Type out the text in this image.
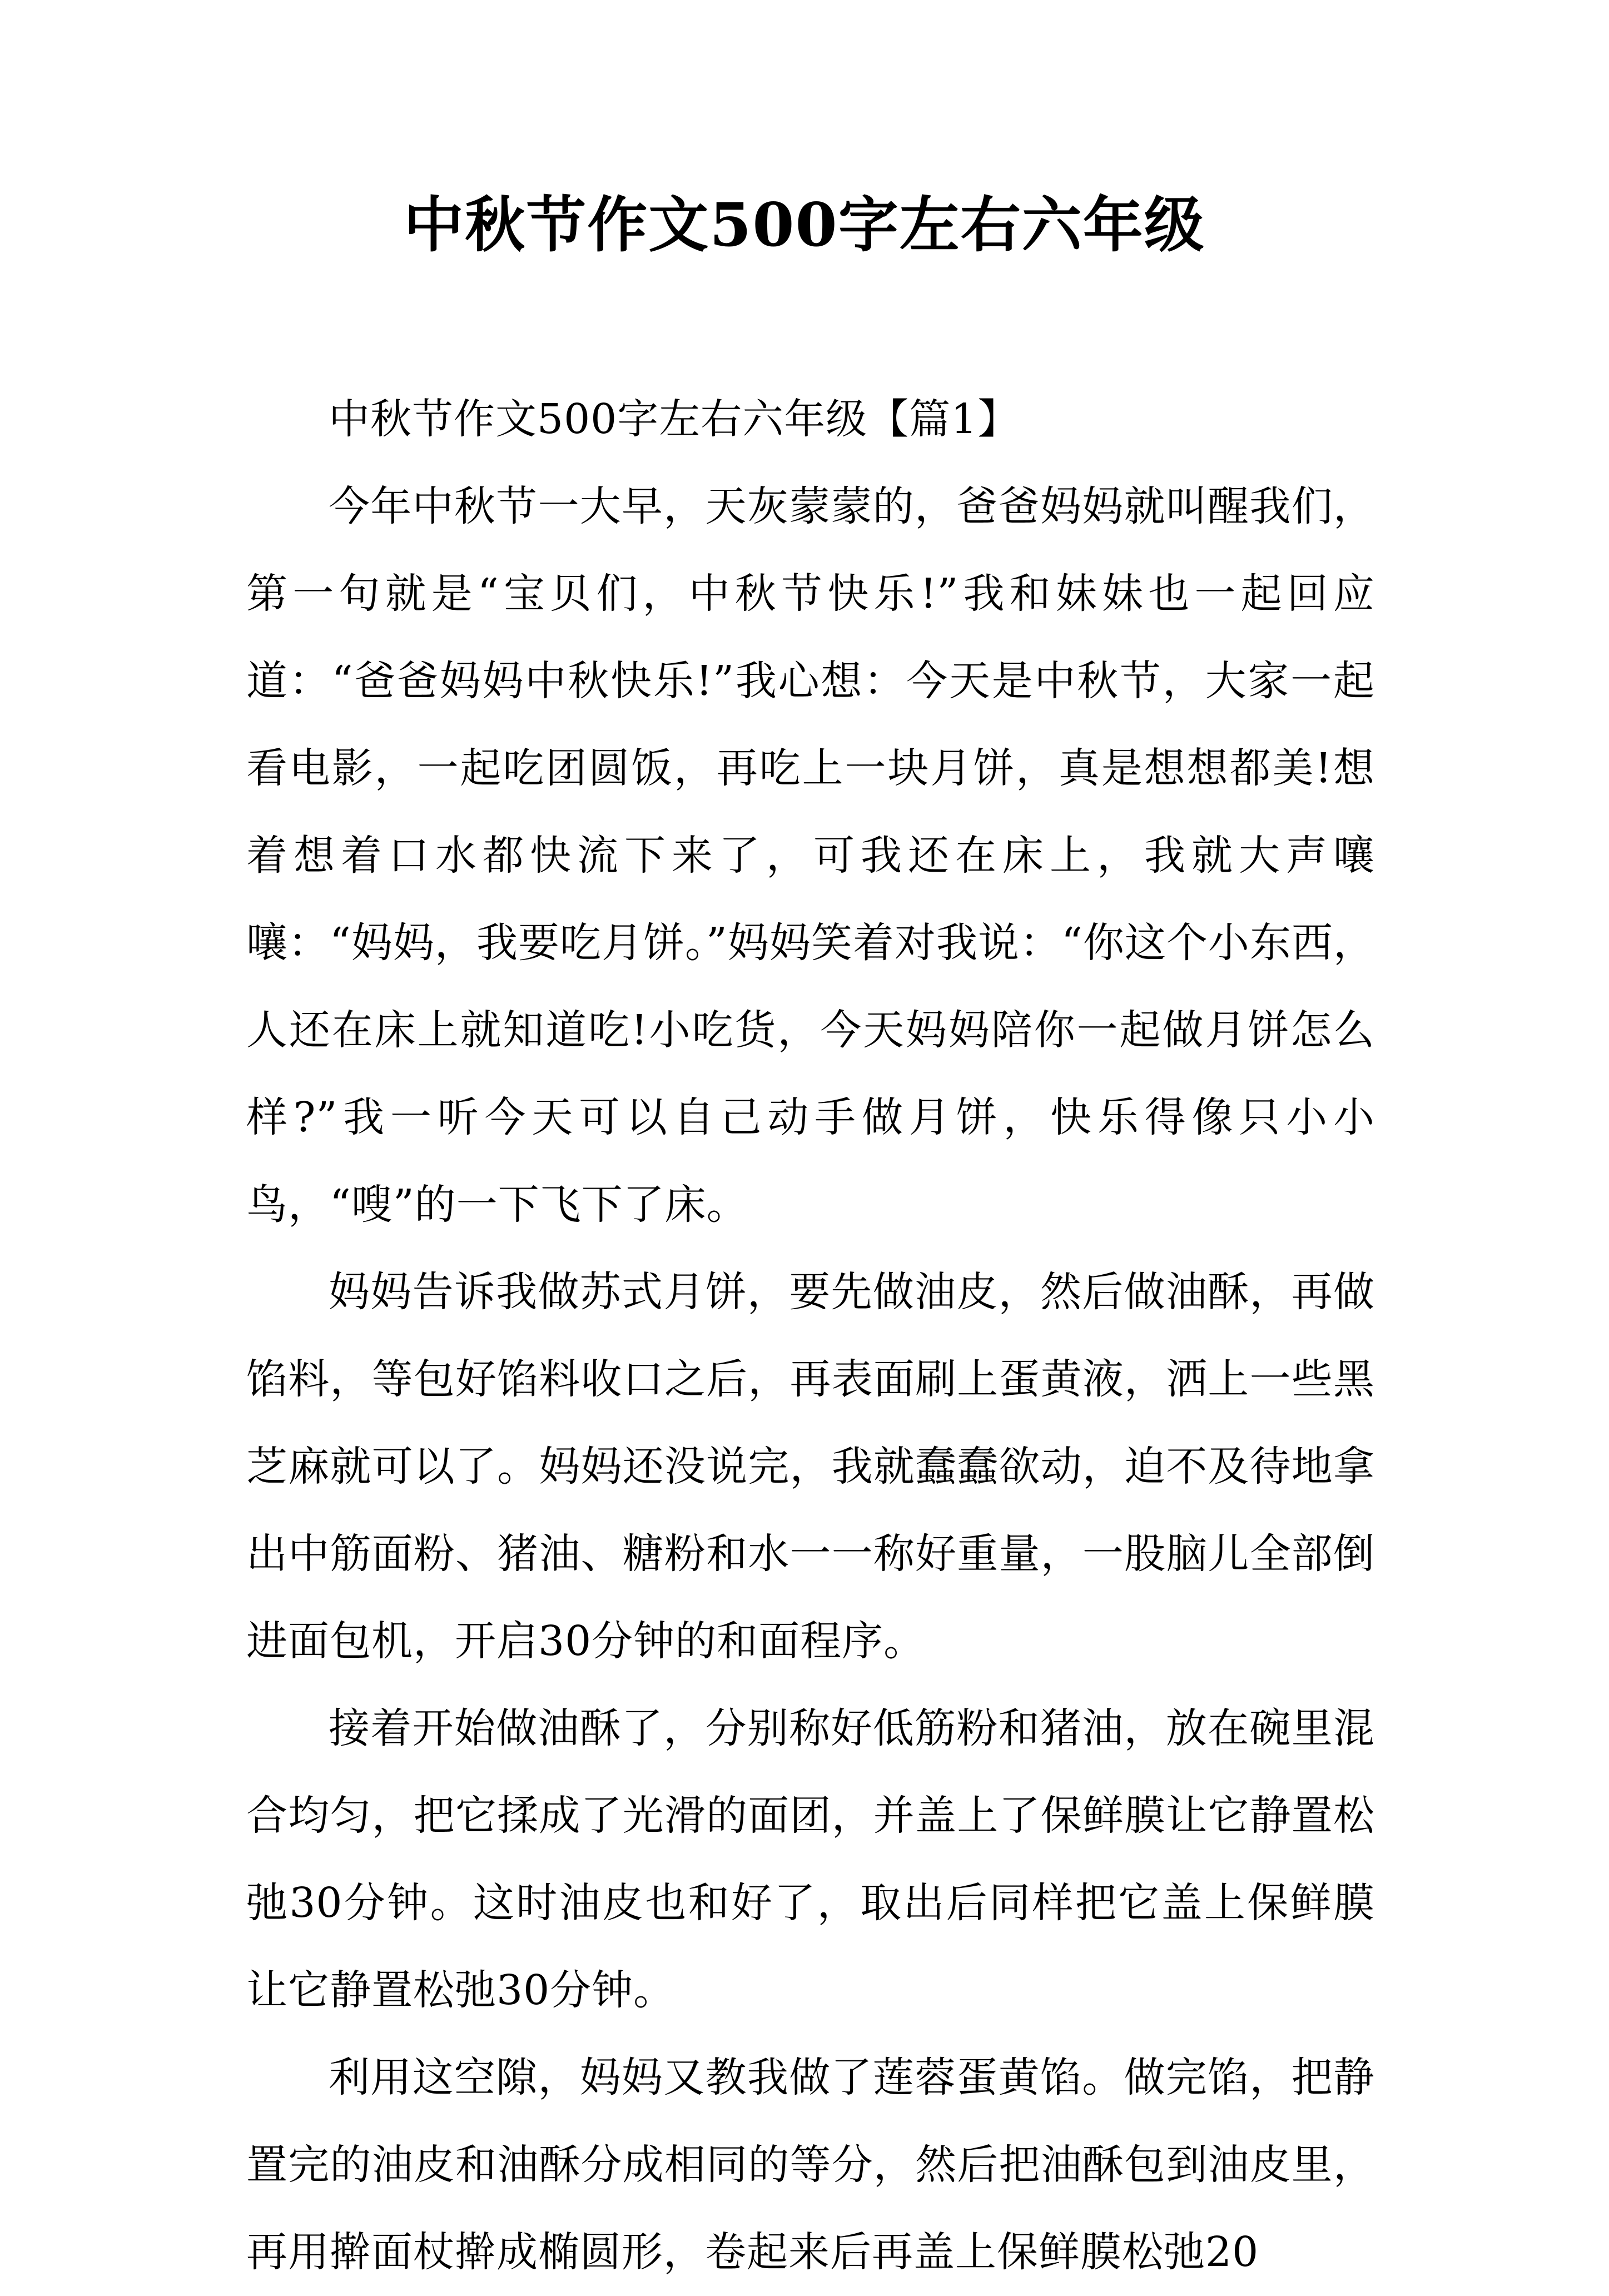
中秋节作文500字左右六年级

中秋节作文500字左右六年级【篇1】

今年中秋节一大早，天灰蒙蒙的，爸爸妈妈就叫醒我们，第一句就是“宝贝们，中秋节快乐!”我和妹妹也一起回应道：“爸爸妈妈中秋快乐!”我心想：今天是中秋节，大家一起看电影，一起吃团圆饭，再吃上一块月饼，真是想想都美!想着想着口水都快流下来了，可我还在床上，我就大声嚷嚷：“妈妈，我要吃月饼。”妈妈笑着对我说：“你这个小东西，人还在床上就知道吃!小吃货，今天妈妈陪你一起做月饼怎么样?”我一听今天可以自己动手做月饼，快乐得像只小小鸟，“嗖”的一下飞下了床。

妈妈告诉我做苏式月饼，要先做油皮，然后做油酥，再做馅料，等包好馅料收口之后，再表面刷上蛋黄液，洒上一些黑芝麻就可以了。妈妈还没说完，我就蠢蠢欲动，迫不及待地拿出中筋面粉、猪油、糖粉和水一一称好重量，一股脑儿全部倒进面包机，开启30分钟的和面程序。

接着开始做油酥了，分别称好低筋粉和猪油，放在碗里混合均匀，把它揉成了光滑的面团，并盖上了保鲜膜让它静置松弛30分钟。这时油皮也和好了，取出后同样把它盖上保鲜膜让它静置松弛30分钟。

利用这空隙，妈妈又教我做了莲蓉蛋黄馅。做完馅，把静置完的油皮和油酥分成相同的等分，然后把油酥包到油皮里，再用擀面杖擀成椭圆形，卷起来后再盖上保鲜膜松弛20
